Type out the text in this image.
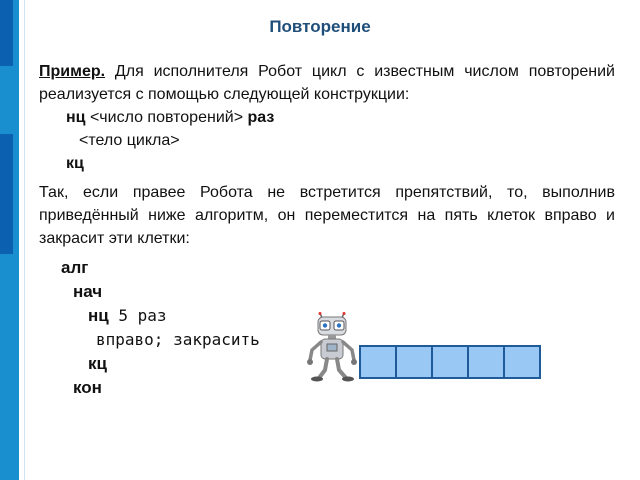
Повторение
Пример. Для исполнителя Робот цикл с известным числом повторений реализуется с помощью следующей конструкции:
нц <число повторений> раз
<тело цикла>
кц
Так, если правее Робота не встретится препятствий, то, выполнив приведённый ниже алгоритм, он переместится на пять клеток вправо и закрасит эти клетки:
алг
нач
нц 5 раз
вправо; закрасить
кц
кон
